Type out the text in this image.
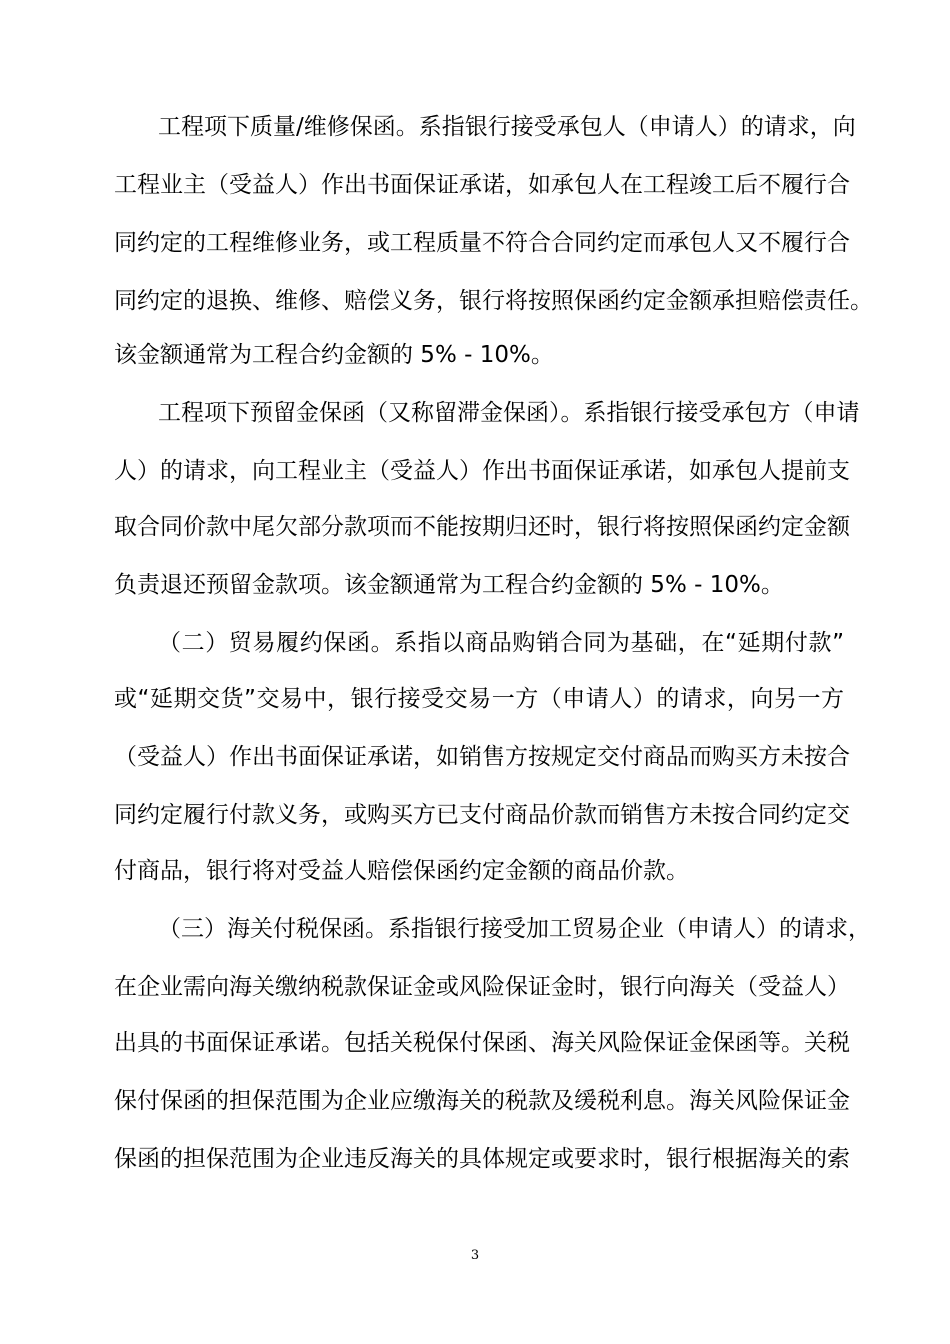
工程项下质量/维修保函。系指银行接受承包人（申请人）的请求，向
工程业主（受益人）作出书面保证承诺，如承包人在工程竣工后不履行合
同约定的工程维修业务，或工程质量不符合合同约定而承包人又不履行合
同约定的退换、维修、赔偿义务，银行将按照保函约定金额承担赔偿责任。
该金额通常为工程合约金额的 5% - 10%。
工程项下预留金保函（又称留滞金保函）。系指银行接受承包方（申请
人）的请求，向工程业主（受益人）作出书面保证承诺，如承包人提前支
取合同价款中尾欠部分款项而不能按期归还时，银行将按照保函约定金额
负责退还预留金款项。该金额通常为工程合约金额的 5% - 10%。
（二）贸易履约保函。系指以商品购销合同为基础，在“延期付款”
或“延期交货”交易中，银行接受交易一方（申请人）的请求，向另一方
（受益人）作出书面保证承诺，如销售方按规定交付商品而购买方未按合
同约定履行付款义务，或购买方已支付商品价款而销售方未按合同约定交
付商品，银行将对受益人赔偿保函约定金额的商品价款。
（三）海关付税保函。系指银行接受加工贸易企业（申请人）的请求，
在企业需向海关缴纳税款保证金或风险保证金时，银行向海关（受益人）
出具的书面保证承诺。包括关税保付保函、海关风险保证金保函等。关税
保付保函的担保范围为企业应缴海关的税款及缓税利息。海关风险保证金
保函的担保范围为企业违反海关的具体规定或要求时，银行根据海关的索
3
